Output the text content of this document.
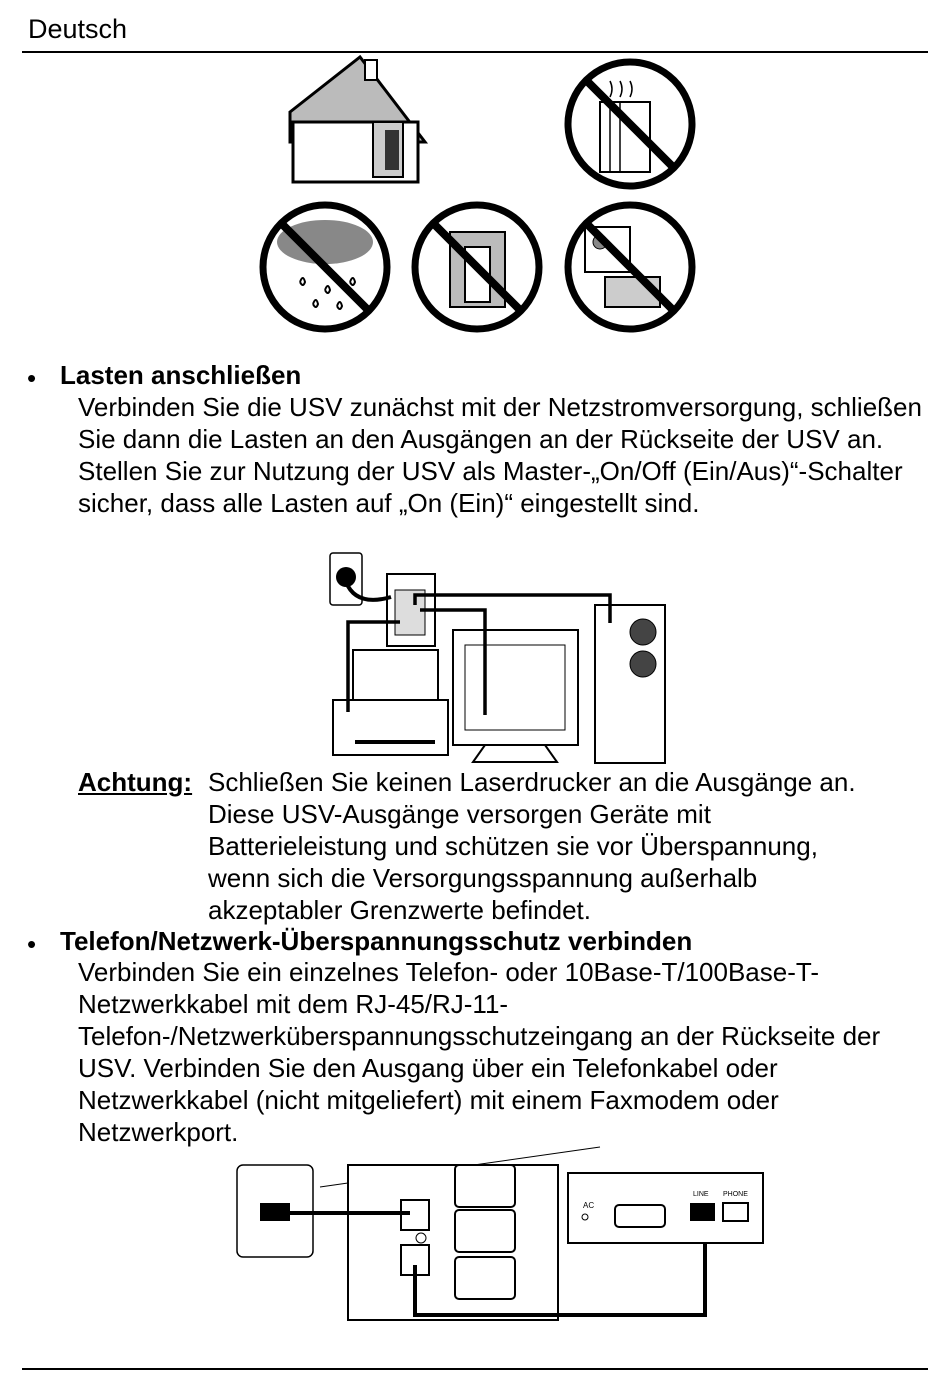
Deutsch
• Lasten anschließen
Verbinden Sie die USV zunächst mit der Netzstromversorgung, schließen Sie dann die Lasten an den Ausgängen an der Rückseite der USV an. Stellen Sie zur Nutzung der USV als Master-„On/Off (Ein/Aus)“-Schalter sicher, dass alle Lasten auf „On (Ein)“ eingestellt sind.
Achtung: Schließen Sie keinen Laserdrucker an die Ausgänge an.
Diese USV-Ausgänge versorgen Geräte mit
Batterieleistung und schützen sie vor Überspannung,
wenn sich die Versorgungsspannung außerhalb
akzeptabler Grenzwerte befindet.
• Telefon/Netzwerk-Überspannungsschutz verbinden
Verbinden Sie ein einzelnes Telefon- oder 10Base-T/100Base-T-Netzwerkkabel mit dem RJ-45/RJ-11-Telefon-/Netzwerküberspannungsschutzeingang an der Rückseite der USV. Verbinden Sie den Ausgang über ein Telefonkabel oder Netzwerkkabel (nicht mitgeliefert) mit einem Faxmodem oder Netzwerkport.
AC
LINE PHONE
